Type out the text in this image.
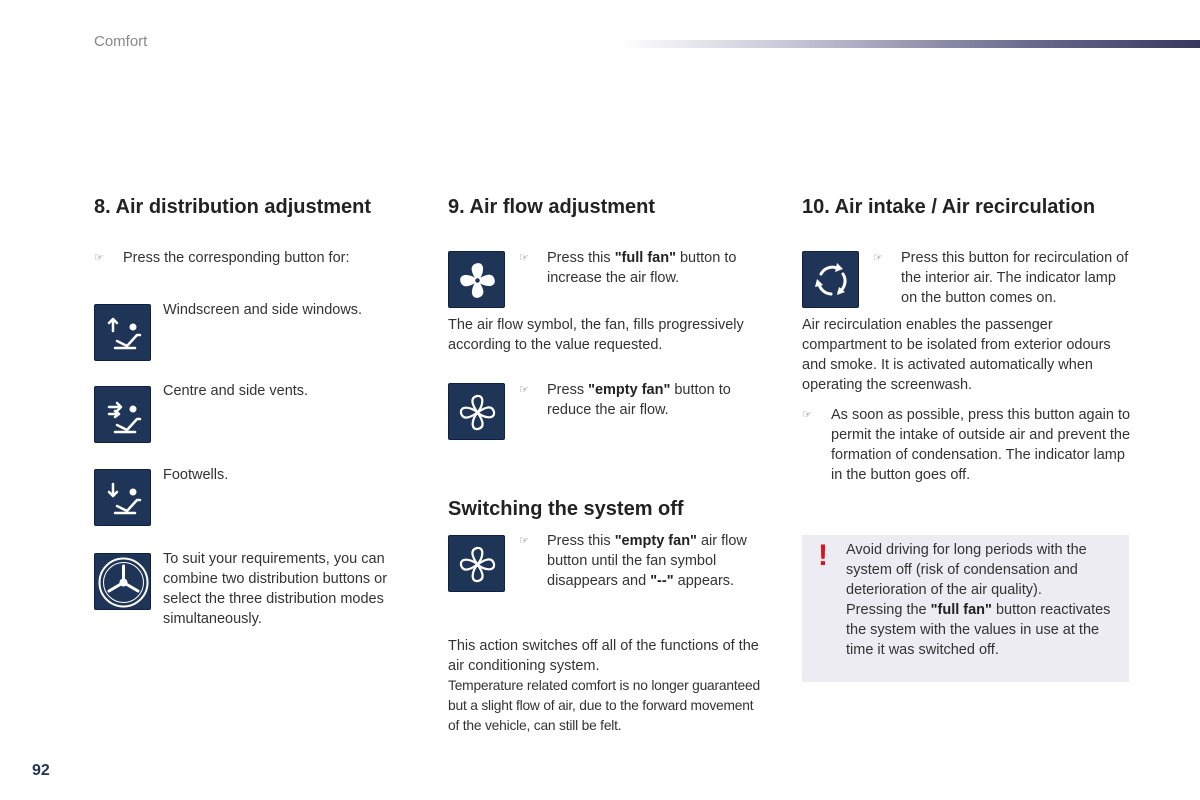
Comfort
92
8. Air distribution adjustment
☞	Press the corresponding button for:
Windscreen and side windows.
Centre and side vents.
Footwells.
To suit your requirements, you can combine two distribution buttons or select the three distribution modes simultaneously.
9. Air flow adjustment
☞	Press this "full fan" button to increase the air flow.
The air flow symbol, the fan, fills progressively according to the value requested.
☞	Press "empty fan" button to reduce the air flow.
Switching the system off
☞	Press this "empty fan" air flow button until the fan symbol disappears and "--" appears.
This action switches off all of the functions of the air conditioning system.
Temperature related comfort is no longer guaranteed but a slight flow of air, due to the forward movement of the vehicle, can still be felt.
10. Air intake / Air recirculation
☞	Press this button for recirculation of the interior air. The indicator lamp on the button comes on.
Air recirculation enables the passenger compartment to be isolated from exterior odours and smoke. It is activated automatically when operating the screenwash.
☞	As soon as possible, press this button again to permit the intake of outside air and prevent the formation of condensation. The indicator lamp in the button goes off.
! Avoid driving for long periods with the system off (risk of condensation and deterioration of the air quality).
Pressing the "full fan" button reactivates the system with the values in use at the time it was switched off.
